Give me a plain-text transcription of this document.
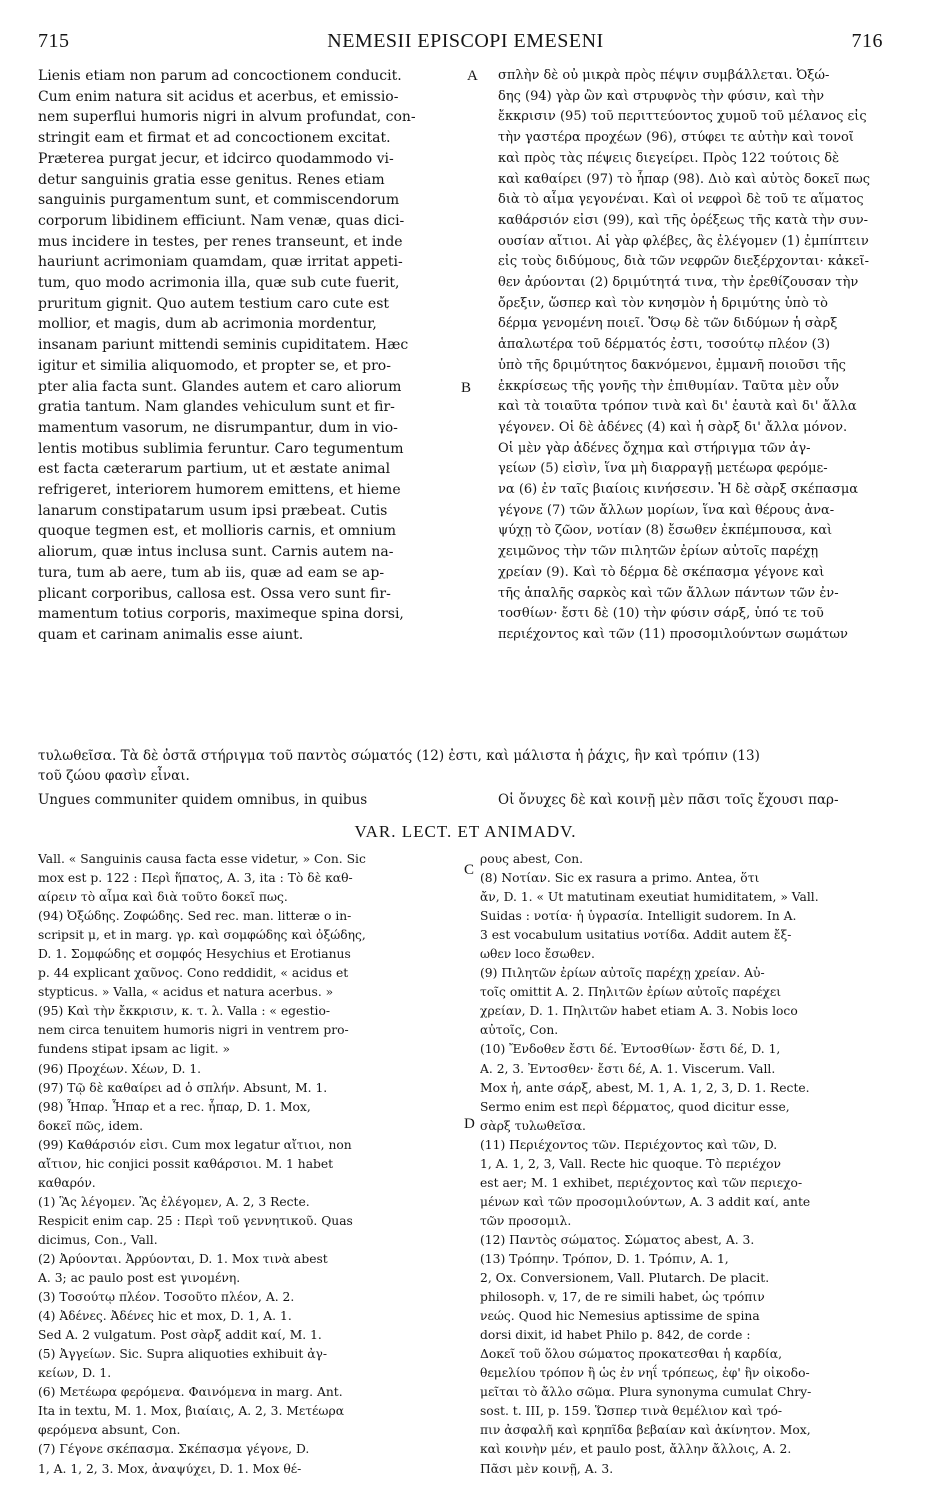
715	NEMESII EPISCOPI EMESENI	716
Lienis etiam non parum ad concoctionem conducit.
Cum enim natura sit acidus et acerbus, et emissio-
nem superflui humoris nigri in alvum profundat, con-
stringit eam et firmat et ad concoctionem excitat.
Præterea purgat jecur, et idcirco quodammodo vi-
detur sanguinis gratia esse genitus. Renes etiam
sanguinis purgamentum sunt, et commiscendorum
corporum libidinem efficiunt. Nam venæ, quas dici-
mus incidere in testes, per renes transeunt, et inde
hauriunt acrimoniam quamdam, quæ irritat appeti-
tum, quo modo acrimonia illa, quæ sub cute fuerit,
pruritum gignit. Quo autem testium caro cute est
mollior, et magis, dum ab acrimonia mordentur,
insanam pariunt mittendi seminis cupiditatem. Hæc
igitur et similia aliquomodo, et propter se, et pro-
pter alia facta sunt. Glandes autem et caro aliorum
gratia tantum. Nam glandes vehiculum sunt et fir-
mamentum vasorum, ne disrumpantur, dum in vio-
lentis motibus sublimia feruntur. Caro tegumentum
est facta cæterarum partium, ut et æstate animal
refrigeret, interiorem humorem emittens, et hieme
lanarum constipatarum usum ipsi præbeat. Cutis
quoque tegmen est, et mollioris carnis, et omnium
aliorum, quæ intus inclusa sunt. Carnis autem na-
tura, tum ab aere, tum ab iis, quæ ad eam se ap-
plicant corporibus, callosa est. Ossa vero sunt fir-
mamentum totius corporis, maximeque spina dorsi,
quam et carinam animalis esse aiunt.
σπλὴν δὲ οὐ μικρὰ πρὸς πέψιν συμβάλλεται. Ὀξώ-
δης (94) γὰρ ὢν καὶ στρυφνὸς τὴν φύσιν, καὶ τὴν
ἔκκρισιν (95) τοῦ περιττεύοντος χυμοῦ τοῦ μέλανος εἰς
τὴν γαστέρα προχέων (96), στύφει τε αὐτὴν καὶ τονοῖ
καὶ πρὸς τὰς πέψεις διεγείρει. Πρὸς 122 τούτοις δὲ
καὶ καθαίρει (97) τὸ ἧπαρ (98). Διὸ καὶ αὐτὸς δοκεῖ πως
διὰ τὸ αἷμα γεγονέναι. Καὶ οἱ νεφροὶ δὲ τοῦ τε αἵματος
καθάρσιόν εἰσι (99), καὶ τῆς ὀρέξεως τῆς κατὰ τὴν συν-
ουσίαν αἴτιοι. Αἱ γὰρ φλέβες, ἃς ἐλέγομεν (1) ἐμπίπτειν
εἰς τοὺς διδύμους, διὰ τῶν νεφρῶν διεξέρχονται· κἀκεῖ-
θεν ἀρύονται (2) δριμύτητά τινα, τὴν ἐρεθίζουσαν τὴν
ὄρεξιν, ὥσπερ καὶ τὸν κνησμὸν ἡ δριμύτης ὑπὸ τὸ
δέρμα γενομένη ποιεῖ. Ὅσῳ δὲ τῶν διδύμων ἡ σὰρξ
ἁπαλωτέρα τοῦ δέρματός ἐστι, τοσούτῳ πλέον (3)
ὑπὸ τῆς δριμύτητος δακνόμενοι, ἐμμανῆ ποιοῦσι τῆς
ἐκκρίσεως τῆς γονῆς τὴν ἐπιθυμίαν. Ταῦτα μὲν οὖν
καὶ τὰ τοιαῦτα τρόπον τινὰ καὶ δι' ἑαυτὰ καὶ δι' ἄλλα
γέγονεν. Οἱ δὲ ἀδένες (4) καὶ ἡ σὰρξ δι' ἄλλα μόνον.
Οἱ μὲν γὰρ ἀδένες ὄχημα καὶ στήριγμα τῶν ἀγ-
γείων (5) εἰσὶν, ἵνα μὴ διαρραγῇ μετέωρα φερόμε-
να (6) ἐν ταῖς βιαίοις κινήσεσιν. Ἡ δὲ σὰρξ σκέπασμα
γέγονε (7) τῶν ἄλλων μορίων, ἵνα καὶ θέρους ἀνα-
ψύχῃ τὸ ζῶον, νοτίαν (8) ἔσωθεν ἐκπέμπουσα, καὶ
χειμῶνος τὴν τῶν πιλητῶν ἐρίων αὐτοῖς παρέχῃ
χρείαν (9). Καὶ τὸ δέρμα δὲ σκέπασμα γέγονε καὶ
τῆς ἁπαλῆς σαρκὸς καὶ τῶν ἄλλων πάντων τῶν ἐν-
τοσθίων· ἔστι δὲ (10) τὴν φύσιν σάρξ, ὑπό τε τοῦ
περιέχοντος καὶ τῶν (11) προσομιλούντων σωμάτων
A
B
C
D
τυλωθεῖσα. Τὰ δὲ ὀστᾶ στήριγμα τοῦ παντὸς σώματός (12) ἐστι, καὶ μάλιστα ἡ ῥάχις, ἣν καὶ τρόπιν (13)
τοῦ ζώου φασὶν εἶναι.
Ungues communiter quidem omnibus, in quibus	Οἱ ὄνυχες δὲ καὶ κοινῇ μὲν πᾶσι τοῖς ἔχουσι παρ-
VAR. LECT. ET ANIMADV.
Vall. « Sanguinis causa facta esse videtur, » Con. Sic
mox est p. 122 : Περὶ ἥπατος, A. 3, ita : Τὸ δὲ καθ-
αίρειν τὸ αἷμα καὶ διὰ τοῦτο δοκεῖ πως.
(94) Ὀξώδης. Ζοφώδης. Sed rec. man. litteræ o in-
scripsit μ, et in marg. γρ. καὶ σομφώδης καὶ ὀξώδης,
D. 1. Σομφώδης et σομφός Hesychius et Erotianus
p. 44 explicant χαῦνος. Cono reddidit, « acidus et
stypticus. » Valla, « acidus et natura acerbus. »
(95) Καὶ τὴν ἔκκρισιν, κ. τ. λ. Valla : « egestio-
nem circa tenuitem humoris nigri in ventrem pro-
fundens stipat ipsam ac ligit. »
(96) Προχέων. Χέων, D. 1.
(97) Τῷ δὲ καθαίρει ad ὁ σπλήν. Absunt, M. 1.
(98) Ἧπαρ. Ἧπαρ et a rec. ἧπαρ, D. 1. Mox,
δοκεῖ πῶς, idem.
(99) Καθάρσιόν εἰσι. Cum mox legatur αἴτιοι, non
αἴτιον, hic conjici possit καθάρσιοι. M. 1 habet
καθαρόν.
(1) Ἃς λέγομεν. Ἃς ἐλέγομεν, A. 2, 3 Recte.
Respicit enim cap. 25 : Περὶ τοῦ γεννητικοῦ. Quas
dicimus, Con., Vall.
(2) Ἀρύονται. Ἀρρύονται, D. 1. Mox τινὰ abest
A. 3; ac paulo post est γινομένη.
(3) Τοσούτῳ πλέον. Τοσοῦτο πλέον, A. 2.
(4) Ἀδένες. Ἀδένες hic et mox, D. 1, A. 1.
Sed A. 2 vulgatum. Post σὰρξ addit καί, M. 1.
(5) Ἀγγείων. Sic. Supra aliquoties exhibuit ἀγ-
κείων, D. 1.
(6) Μετέωρα φερόμενα. Φαινόμενα in marg. Ant.
Ita in textu, M. 1. Mox, βιαίαις, A. 2, 3. Μετέωρα
φερόμενα absunt, Con.
(7) Γέγονε σκέπασμα. Σκέπασμα γέγονε, D.
1, A. 1, 2, 3. Mox, ἀναψύχει, D. 1. Mox θέ-
ρους abest, Con.
(8) Νοτίαν. Sic ex rasura a primo. Antea, ὅτι
ἄν, D. 1. « Ut matutinam exeutiat humiditatem, » Vall.
Suidas : νοτία· ἡ ὑγρασία. Intelligit sudorem. In A.
3 est vocabulum usitatius νοτίδα. Addit autem ἔξ-
ωθεν loco ἔσωθεν.
(9) Πιλητῶν ἐρίων αὐτοῖς παρέχῃ χρείαν. Αὐ-
τοῖς omittit A. 2. Πηλιτῶν ἐρίων αὐτοῖς παρέχει
χρείαν, D. 1. Πηλιτῶν habet etiam A. 3. Nobis loco
αὐτοῖς, Con.
(10) Ἔνδοθεν ἔστι δέ. Ἐντοσθίων· ἔστι δέ, D. 1,
A. 2, 3. Ἐντοσθεν· ἔστι δέ, A. 1. Viscerum. Vall.
Mox ἡ, ante σάρξ, abest, M. 1, A. 1, 2, 3, D. 1. Recte.
Sermo enim est περὶ δέρματος, quod dicitur esse,
σὰρξ τυλωθεῖσα.
(11) Περιέχοντος τῶν. Περιέχοντος καὶ τῶν, D.
1, A. 1, 2, 3, Vall. Recte hic quoque. Τὸ περιέχον
est aer; M. 1 exhibet, περιέχοντος καὶ τῶν περιεχο-
μένων καὶ τῶν προσομιλούντων, A. 3 addit καί, ante
τῶν προσομιλ.
(12) Παντὸς σώματος. Σώματος abest, A. 3.
(13) Τρόπην. Τρόπον, D. 1. Τρόπιν, A. 1,
2, Ox. Conversionem, Vall. Plutarch. De placit.
philosoph. v, 17, de re simili habet, ὡς τρόπιν
νεώς. Quod hic Nemesius aptissime de spina
dorsi dixit, id habet Philo p. 842, de corde :
Δοκεῖ τοῦ ὅλου σώματος προκατεσθαι ἡ καρδία,
θεμελίου τρόπον ἢ ὡς ἐν νηΐ τρόπεως, ἐφ' ἣν οἰκοδο-
μεῖται τὸ ἄλλο σῶμα. Plura synonyma cumulat Chry-
sost. t. III, p. 159. Ὥσπερ τινὰ θεμέλιον καὶ τρό-
πιν ἀσφαλῆ καὶ κρηπῖδα βεβαίαν καὶ ἀκίνητον. Mox,
καὶ κοινὴν μέν, et paulo post, ἄλλην ἄλλοις, A. 2.
Πᾶσι μὲν κοινῇ, A. 3.
